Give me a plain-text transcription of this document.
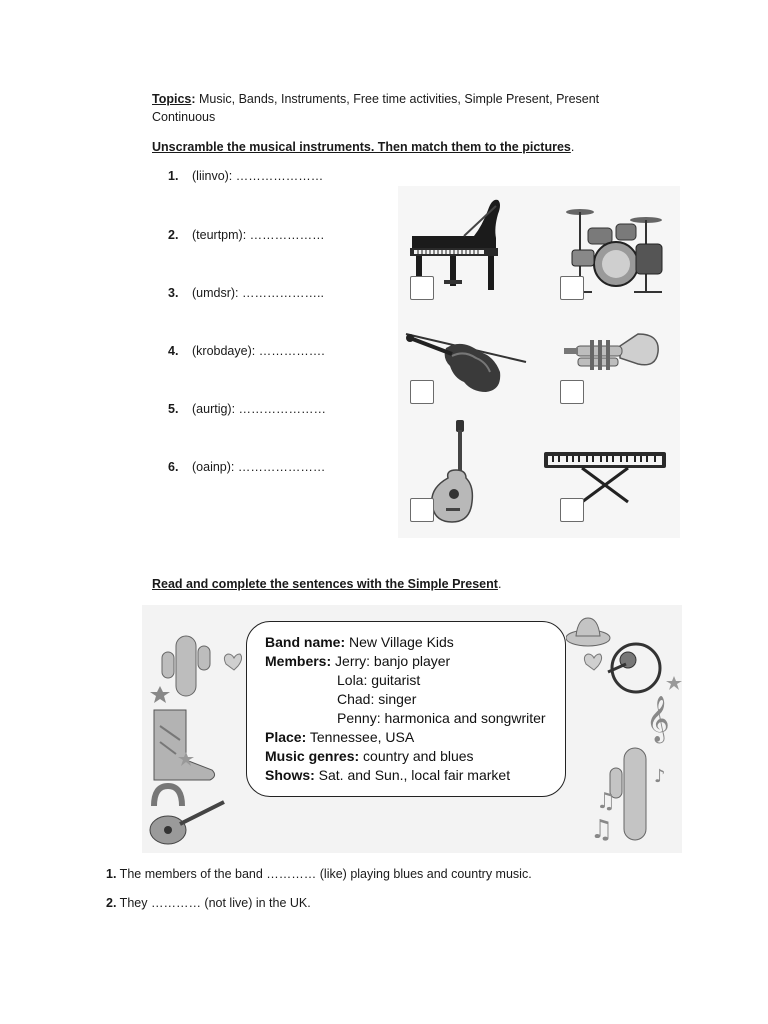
Topics: Music, Bands, Instruments, Free time activities, Simple Present, Present
Continuous
Unscramble the musical instruments. Then match them to the pictures.
1. (liinvo): …………………
2. (teurtpm): ………………
3. (umdsr): ………………..
4. (krobdaye): …………….
5. (aurtig): …………………
6. (oainp): …………………
Read and complete the sentences with the Simple Present.
𝄞
♫
♫
♪
Band name: New Village Kids
Members: Jerry: banjo player
Lola: guitarist
Chad: singer
Penny: harmonica and songwriter
Place: Tennessee, USA
Music genres: country and blues
Shows: Sat. and Sun., local fair market
1. The members of the band ………… (like) playing blues and country music.
2. They ………… (not live) in the UK.
